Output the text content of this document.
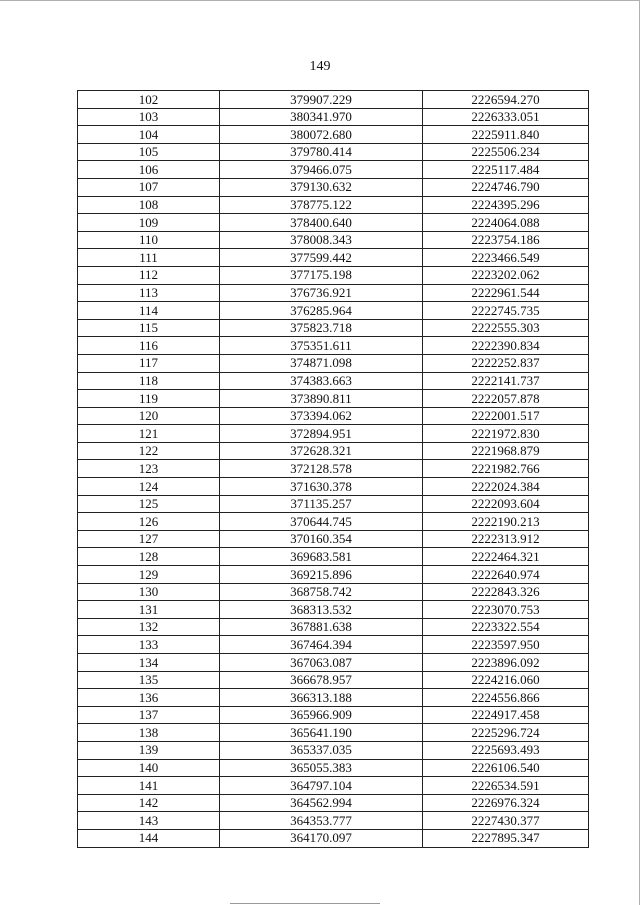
149
102	379907.229	2226594.270
103	380341.970	2226333.051
104	380072.680	2225911.840
105	379780.414	2225506.234
106	379466.075	2225117.484
107	379130.632	2224746.790
108	378775.122	2224395.296
109	378400.640	2224064.088
110	378008.343	2223754.186
111	377599.442	2223466.549
112	377175.198	2223202.062
113	376736.921	2222961.544
114	376285.964	2222745.735
115	375823.718	2222555.303
116	375351.611	2222390.834
117	374871.098	2222252.837
118	374383.663	2222141.737
119	373890.811	2222057.878
120	373394.062	2222001.517
121	372894.951	2221972.830
122	372628.321	2221968.879
123	372128.578	2221982.766
124	371630.378	2222024.384
125	371135.257	2222093.604
126	370644.745	2222190.213
127	370160.354	2222313.912
128	369683.581	2222464.321
129	369215.896	2222640.974
130	368758.742	2222843.326
131	368313.532	2223070.753
132	367881.638	2223322.554
133	367464.394	2223597.950
134	367063.087	2223896.092
135	366678.957	2224216.060
136	366313.188	2224556.866
137	365966.909	2224917.458
138	365641.190	2225296.724
139	365337.035	2225693.493
140	365055.383	2226106.540
141	364797.104	2226534.591
142	364562.994	2226976.324
143	364353.777	2227430.377
144	364170.097	2227895.347
